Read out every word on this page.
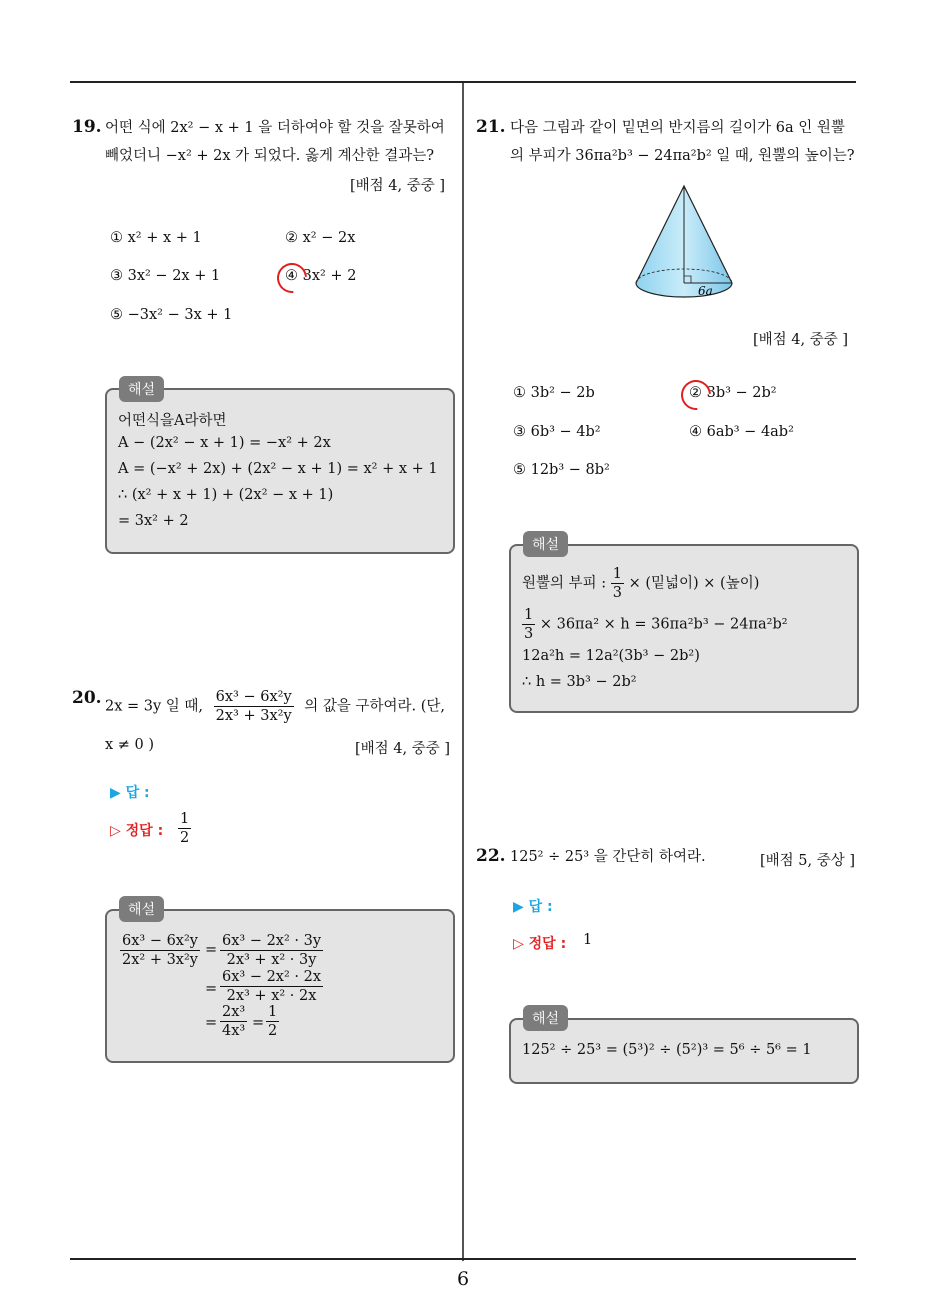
6
19. 어떤 식에 2x² − x + 1 을 더하여야 할 것을 잘못하여
빼었더니 −x² + 2x 가 되었다. 옳게 계산한 결과는?
[배점 4, 중중 ]
① x² + x + 1	② x² − 2x
③ 3x² − 2x + 1	④ 3x² + 2
⑤ −3x² − 3x + 1
해설
어떤식을A라하면
A − (2x² − x + 1) = −x² + 2x
A = (−x² + 2x) + (2x² − x + 1) = x² + x + 1
∴ (x² + x + 1) + (2x² − x + 1)
= 3x² + 2
20. 2x = 3y 일 때, $\frac{\text{6x³ − 6x²y}}{\text{2x³ + 3x²y}}$ 의 값을 구하여라. (단,
x ≠ 0 )	[배점 4, 중중 ]
▶ 답 :
▷ 정답 : $\frac{1}{2}$
해설
$\frac{\text{6x³ − 6x²y}}{\text{2x² + 3x²y}} = \frac{\text{6x³ − 2x² · 3y}}{\text{2x³ + x² · 3y}}$
= $\frac{\text{6x³ − 2x² · 2x}}{\text{2x³ + x² · 2x}}$
= $\frac{\text{2x³}}{\text{4x³}} = \frac{1}{2}$
21. 다음 그림과 같이 밑면의 반지름의 길이가 6a 인 원뿔
의 부피가 36πa²b³ − 24πa²b² 일 때, 원뿔의 높이는?
6a
[배점 4, 중중 ]
① 3b² − 2b	② 3b³ − 2b²
③ 6b³ − 4b²	④ 6ab³ − 4ab²
⑤ 12b³ − 8b²
해설
원뿔의 부피 : $\frac{1}{3}$ × (밑넓이) × (높이)
$\frac{1}{3} \times 36\pi a^2 \times h = 36\pi a^2b^3 - 24\pi a^2b^2$
12a²h = 12a²(3b³ − 2b²)
∴ h = 3b³ − 2b²
22. 125² ÷ 25³ 을 간단히 하여라.	[배점 5, 중상 ]
▶ 답 :
▷ 정답 : 1
해설
125² ÷ 25³ = (5³)² ÷ (5²)³ = 5⁶ ÷ 5⁶ = 1
